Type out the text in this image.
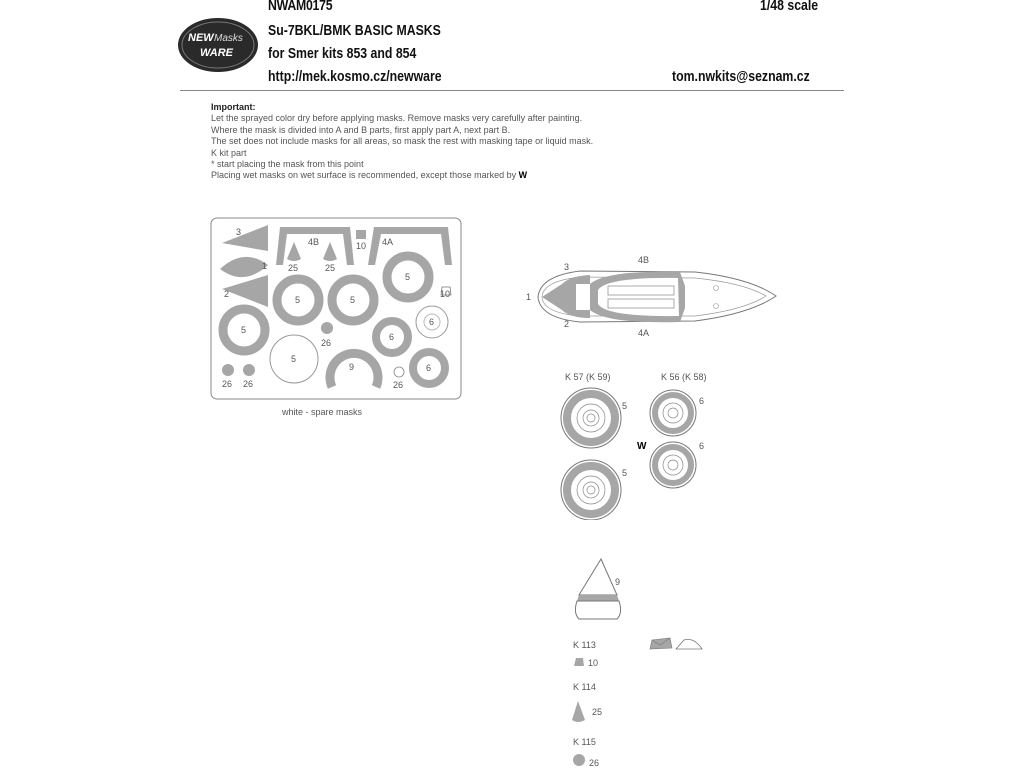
NEW Masks
WARE
NWAM0175
Su-7BKL/BMK BASIC MASKS
for Smer kits 853 and 854
http://mek.kosmo.cz/newware
1/48 scale
tom.nwkits@seznam.cz
Important:
Let the sprayed color dry before applying masks. Remove masks very carefully after painting.
Where the mask is divided into A and B parts, first apply part A, next part B.
The set does not include masks for all areas, so mask the rest with masking tape or liquid mask.
K kit part
* start placing the mask from this point
Placing wet masks on wet surface is recommended, except those marked by W
3
1
2
4B	10 4A
25	25
10
5
5	5
5
5
26
26 26	26
6
6
6
9
white - spare masks
3
4B
1
2
4A
K 57 (K 59)	K 56 (K 58)
5
5
6
6
W
9
K 113
10
K 114
25
K 115
26
